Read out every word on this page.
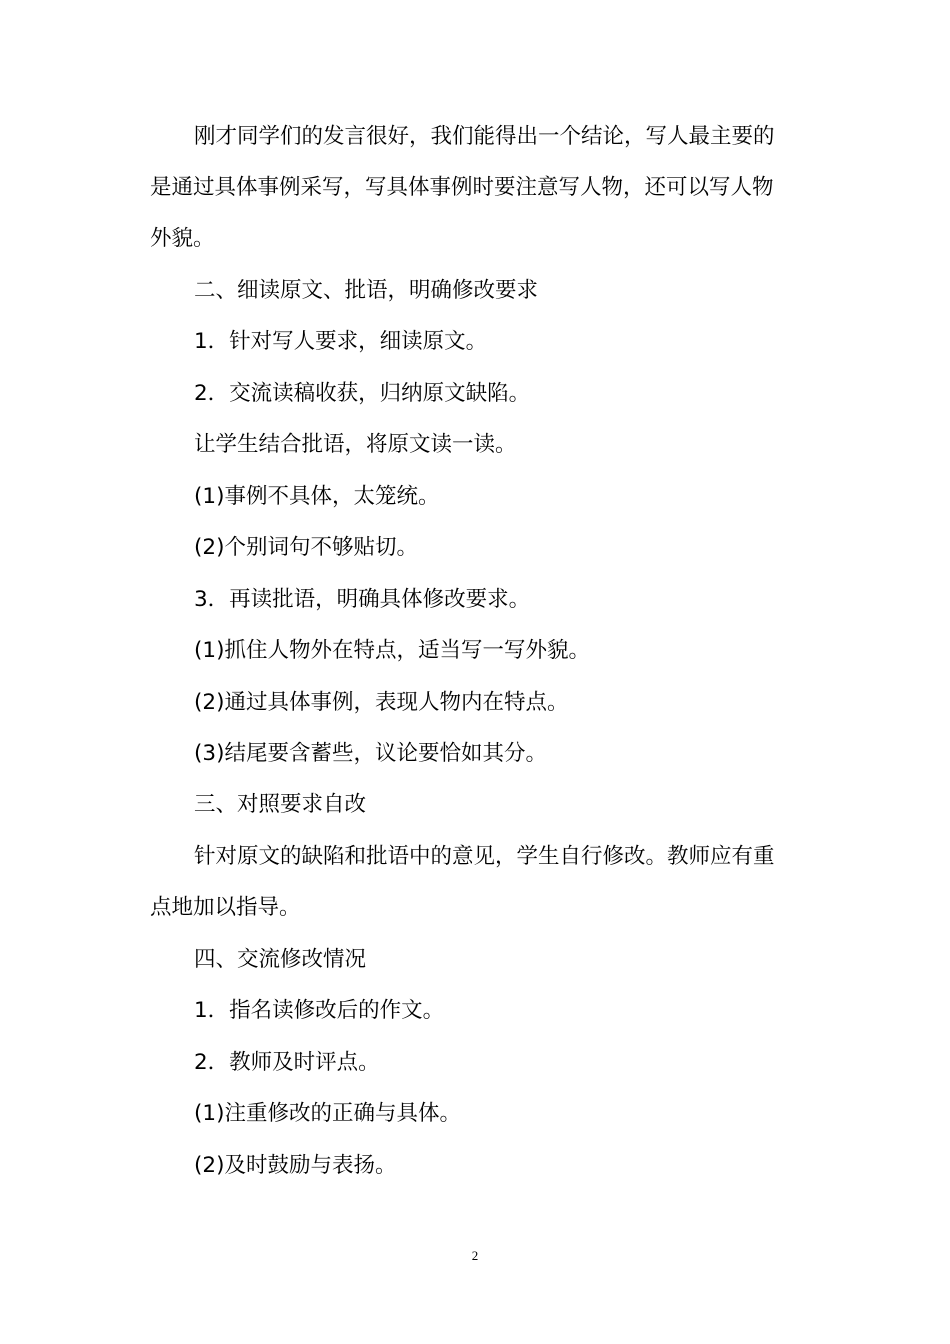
刚才同学们的发言很好，我们能得出一个结论，写人最主要的
是通过具体事例采写，写具体事例时要注意写人物，还可以写人物
外貌。
二、细读原文、批语，明确修改要求
1．针对写人要求，细读原文。
2．交流读稿收获，归纳原文缺陷。
让学生结合批语，将原文读一读。
(1)事例不具体，太笼统。
(2)个别词句不够贴切。
3．再读批语，明确具体修改要求。
(1)抓住人物外在特点，适当写一写外貌。
(2)通过具体事例，表现人物内在特点。
(3)结尾要含蓄些，议论要恰如其分。
三、对照要求自改
针对原文的缺陷和批语中的意见，学生自行修改。教师应有重
点地加以指导。
四、交流修改情况
1．指名读修改后的作文。
2．教师及时评点。
(1)注重修改的正确与具体。
(2)及时鼓励与表扬。
2
